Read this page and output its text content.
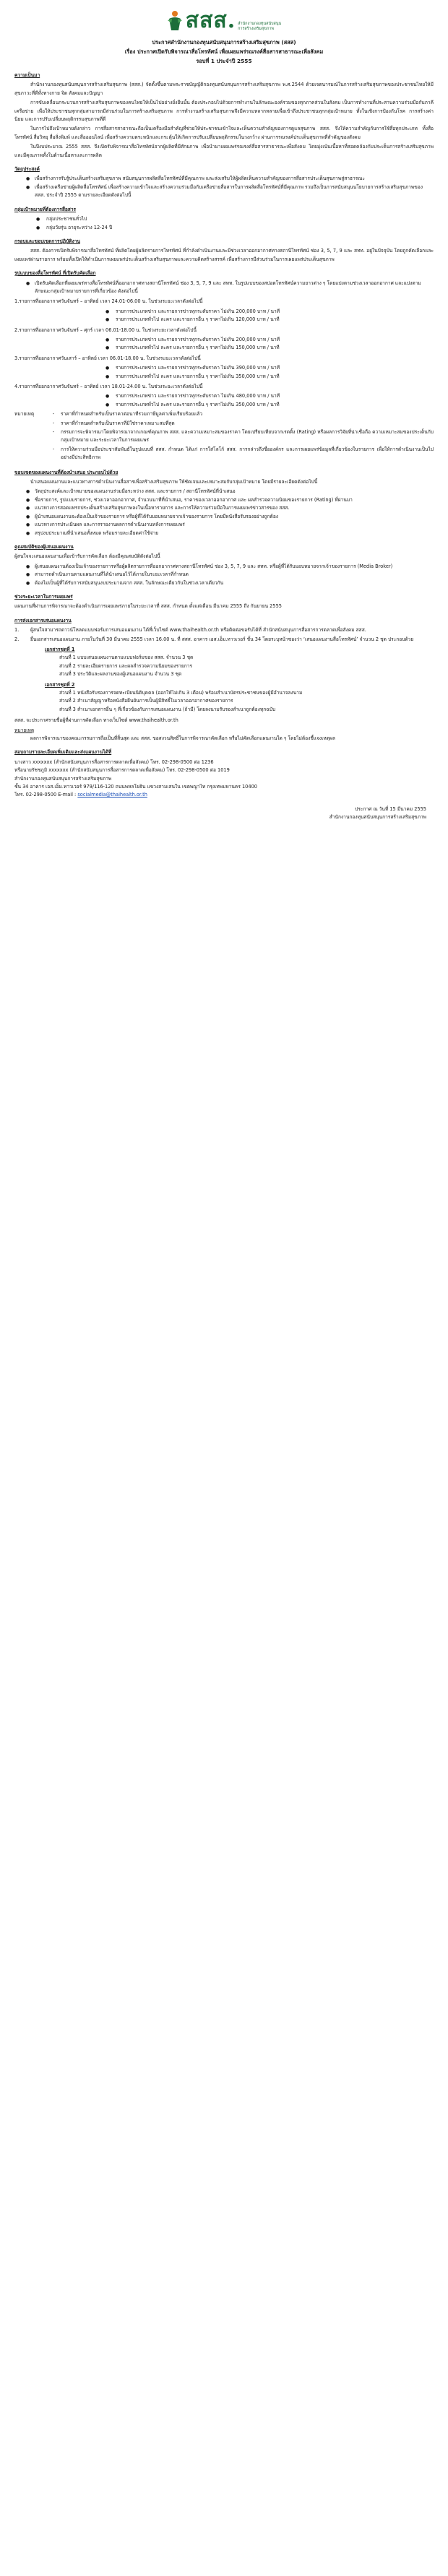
สสส. สำนักงานกองทุนสนับสนุน
การสร้างเสริมสุขภาพ
ประกาศสำนักงานกองทุนสนับสนุนการสร้างเสริมสุขภาพ (สสส)
เรื่อง ประกาศเปิดรับพิจารณาสื่อโทรทัศน์ เพื่อเผยแพร่รณรงค์สื่อสารสาธารณะเพื่อสังคม
รอบที่ 1 ประจำปี 2555
ความเป็นมา

สำนักงานกองทุนสนับสนุนการสร้างเสริมสุขภาพ (สสส.) จัดตั้งขึ้นตามพระราชบัญญัติกองทุนสนับสนุนการสร้างเสริมสุขภาพ พ.ศ.2544 ด้วยเจตนารมณ์ในการสร้างเสริมสุขภาพของประชาชนไทยให้มีสุขภาวะที่ดีทั้งทางกาย จิต สังคมและปัญญา

การขับเคลื่อนกระบวนการสร้างเสริมสุขภาพของคนไทยให้เป็นไปอย่างยั่งยืนนั้น ต้องประกอบไปด้วยการทำงานในลักษณะองค์รวมของทุกภาคส่วนในสังคม เป็นการทำงานที่ประสานความร่วมมือกับภาคีเครือข่าย เพื่อให้ประชาชนทุกกลุ่มสามารถมีส่วนร่วมในการสร้างเสริมสุขภาพ การทำงานสร้างเสริมสุขภาพจึงมีความหลากหลายเพื่อเข้าถึงประชาชนทุกกลุ่มเป้าหมาย ทั้งในเชิงการป้องกันโรค การสร้างค่านิยม และการปรับเปลี่ยนพฤติกรรมสุขภาพที่ดี

ในการไปถึงเป้าหมายดังกล่าว การสื่อสารสาธารณะถือเป็นเครื่องมือสำคัญที่ช่วยให้ประชาชนเข้าใจและเห็นความสำคัญของการดูแลสุขภาพ สสส. จึงให้ความสำคัญกับการใช้สื่อทุกประเภท ทั้งสื่อโทรทัศน์ สื่อวิทยุ สื่อสิ่งพิมพ์ และสื่อออนไลน์ เพื่อสร้างความตระหนักและกระตุ้นให้เกิดการปรับเปลี่ยนพฤติกรรมในวงกว้าง ผ่านการรณรงค์ประเด็นสุขภาพที่สำคัญของสังคม

ในปีงบประมาณ 2555 สสส. จึงเปิดรับพิจารณาสื่อโทรทัศน์จากผู้ผลิตที่มีศักยภาพ เพื่อนำมาเผยแพร่รณรงค์สื่อสารสาธารณะเพื่อสังคม โดยมุ่งเน้นเนื้อหาที่สอดคล้องกับประเด็นการสร้างเสริมสุขภาพ และมีคุณภาพทั้งในด้านเนื้อหาและการผลิต

วัตถุประสงค์
● เพื่อสร้างการรับรู้ประเด็นสร้างเสริมสุขภาพ สนับสนุนการผลิตสื่อโทรทัศน์ที่มีคุณภาพ และส่งเสริมให้ผู้ผลิตเห็นความสำคัญของการสื่อสารประเด็นสุขภาพสู่สาธารณะ
● เพื่อสร้างเครือข่ายผู้ผลิตสื่อโทรทัศน์ เพื่อสร้างความเข้าใจและสร้างความร่วมมือกับเครือข่ายสื่อสารในการผลิตสื่อโทรทัศน์ที่มีคุณภาพ รวมถึงเป็นการสนับสนุนนโยบายการสร้างเสริมสุขภาพของ สสส. ประจำปี 2555 ตามรายละเอียดดังต่อไปนี้
กลุ่มเป้าหมายที่ต้องการสื่อสาร
● กลุ่มประชาชนทั่วไป
● กลุ่มวัยรุ่น อายุระหว่าง 12-24 ปี
กรอบและขอบเขตการปฏิบัติงาน

สสส. ต้องการเปิดรับพิจารณาสื่อโทรทัศน์ ที่ผลิตโดยผู้ผลิตรายการโทรทัศน์ ที่กำลังดำเนินงานและมีช่วงเวลาออกอากาศทางสถานีโทรทัศน์ ช่อง 3, 5, 7, 9 และ สทท. อยู่ในปัจจุบัน โดยถูกคัดเลือกและเผยแพร่ผ่านรายการ พร้อมทั้งเปิดให้ดำเนินการเผยแพร่ประเด็นสร้างเสริมสุขภาพและความคิดสร้างสรรค์ เพื่อสร้างการมีส่วนร่วมในการเผยแพร่ประเด็นสุขภาพ

รูปแบบของสื่อโทรทัศน์ ที่เปิดรับคัดเลือก
● เปิดรับคัดเลือกที่เผยแพร่ทางสื่อโทรทัศน์ที่ออกอากาศทางสถานีโทรทัศน์ ช่อง 3, 5, 7, 9 และ สทท. ในรูปแบบของสปอตโทรทัศน์ความยาวต่าง ๆ โดยแบ่งตามช่วงเวลาออกอากาศ และแบ่งตามลักษณะกลุ่มเป้าหมายรายการที่เกี่ยวข้อง ดังต่อไปนี้
1.รายการที่ออกอากาศวันจันทร์ – อาทิตย์ เวลา 24.01-06.00 น. ในช่วงระยะเวลาดังต่อไปนี้
● รายการประเภทข่าว และรายการข่าวทุกระดับราคา ไม่เกิน 200,000 บาท / นาที
● รายการประเภททั่วไป ละคร และรายการอื่น ๆ ราคาไม่เกิน 120,000 บาท / นาที
2.รายการที่ออกอากาศวันจันทร์ – ศุกร์ เวลา 06.01-18.00 น. ในช่วงระยะเวลาดังต่อไปนี้
● รายการประเภทข่าว และรายการข่าวทุกระดับราคา ไม่เกิน 200,000 บาท / นาที
● รายการประเภททั่วไป ละคร และรายการอื่น ๆ ราคาไม่เกิน 150,000 บาท / นาที
3.รายการที่ออกอากาศวันเสาร์ – อาทิตย์ เวลา 06.01-18.00 น. ในช่วงระยะเวลาดังต่อไปนี้
● รายการประเภทข่าว และรายการข่าวทุกระดับราคา ไม่เกิน 390,000 บาท / นาที
● รายการประเภททั่วไป ละคร และรายการอื่น ๆ ราคาไม่เกิน 350,000 บาท / นาที
4.รายการที่ออกอากาศวันจันทร์ – อาทิตย์ เวลา 18.01-24.00 น. ในช่วงระยะเวลาดังต่อไปนี้
● รายการประเภทข่าว และรายการข่าวทุกระดับราคา ไม่เกิน 480,000 บาท / นาที
● รายการประเภททั่วไป ละคร และรายการอื่น ๆ ราคาไม่เกิน 350,000 บาท / นาที
หมายเหตุ	-	ราคาที่กำหนดสำหรับเป็นราคาต่อนาทีรวมภาษีมูลค่าเพิ่มเรียบร้อยแล้ว
-	ราคาที่กำหนดสำหรับเป็นราคาที่มิใช่ราคาเหมาะสมที่สุด
-	กรรมการจะพิจารณาโดยพิจารณาจากเกณฑ์คุณภาพ สสส. และความเหมาะสมของราคา โดยเปรียบเทียบจากเรตติ้ง (Rating) หรือผลการวิจัยที่น่าเชื่อถือ ความเหมาะสมของประเด็นกับกลุ่มเป้าหมาย และระยะเวลาในการเผยแพร่
-	การให้ความร่วมมือประชาสัมพันธ์ในรูปแบบที่ สสส. กำหนด ได้แก่ การใส่โลโก้ สสส. การกล่าวถึงชื่อองค์กร และการเผยแพร่ข้อมูลที่เกี่ยวข้องในรายการ เพื่อให้การดำเนินงานเป็นไปอย่างมีประสิทธิภาพ
ขอบเขตของแผนงานที่ต้องนำเสนอ ประกอบไปด้วย

นำเสนอแผนงานและแนวทางการดำเนินงานสื่อสารเพื่อสร้างเสริมสุขภาพ ให้ชัดเจนและเหมาะสมกับกลุ่มเป้าหมาย โดยมีรายละเอียดดังต่อไปนี้

● วัตถุประสงค์และเป้าหมายของแผนงานร่วมมือระหว่าง สสส. และรายการ / สถานีโทรทัศน์ที่นำเสนอ
● ชื่อรายการ, รูปแบบรายการ, ช่วงเวลาออกอากาศ, จำนวนนาทีที่นำเสนอ, ราคาของเวลาออกอากาศ และ ผลสำรวจความนิยมของรายการ (Rating) ที่ผ่านมา
● แนวทางการสอดแทรกประเด็นสร้างเสริมสุขภาพลงในเนื้อหารายการ และการให้ความร่วมมือในการเผยแพร่ข่าวสารของ สสส.
● ผู้นำเสนอแผนงานจะต้องเป็นเจ้าของรายการ หรือผู้ที่ได้รับมอบหมายจากเจ้าของรายการ โดยมีหนังสือรับรองอย่างถูกต้อง
● แนวทางการประเมินผล และการรายงานผลการดำเนินงานหลังการเผยแพร่
● สรุปงบประมาณที่นำเสนอทั้งหมด พร้อมรายละเอียดค่าใช้จ่าย
คุณสมบัติของผู้เสนอแผนงาน

ผู้สนใจจะเสนอแผนงานเพื่อเข้ารับการคัดเลือก ต้องมีคุณสมบัติดังต่อไปนี้

● ผู้เสนอแผนงานต้องเป็นเจ้าของรายการหรือผู้ผลิตรายการที่ออกอากาศทางสถานีโทรทัศน์ ช่อง 3, 5, 7, 9 และ สทท. หรือผู้ที่ได้รับมอบหมายจากเจ้าของรายการ (Media Broker)
● สามารถดำเนินงานตามแผนงานที่ได้นำเสนอไว้ได้ภายในระยะเวลาที่กำหนด
● ต้องไม่เป็นผู้ที่ได้รับการสนับสนุนงบประมาณจาก สสส. ในลักษณะเดียวกันในช่วงเวลาเดียวกัน
ช่วงระยะเวลาในการเผยแพร่

แผนงานที่ผ่านการพิจารณาจะต้องดำเนินการเผยแพร่ภายในระยะเวลาที่ สสส. กำหนด ตั้งแต่เดือน มีนาคม 2555 ถึง กันยายน 2555

การส่งเอกสารเสนอแผนงาน
1.	ผู้สนใจสามารถดาวน์โหลดแบบฟอร์มการเสนอแผนงาน ได้ที่เว็บไซต์ www.thaihealth.or.th หรือติดต่อขอรับได้ที่ สำนักสนับสนุนการสื่อสารการตลาดเพื่อสังคม สสส.
2.	ยื่นเอกสารเสนอแผนงาน ภายในวันที่ 30 มีนาคม 2555 เวลา 16.00 น. ที่ สสส. อาคาร เอส.เอ็ม.ทาวเวอร์ ชั้น 34 โดยระบุหน้าซองว่า ‘เสนอแผนงานสื่อโทรทัศน์’ จำนวน 2 ชุด ประกอบด้วย
เอกสารชุดที่ 1
ส่วนที่ 1 แบบเสนอแผนงานตามแบบฟอร์มของ สสส. จำนวน 3 ชุด
ส่วนที่ 2 รายละเอียดรายการ และผลสำรวจความนิยมของรายการ
ส่วนที่ 3 ประวัติและผลงานของผู้เสนอแผนงาน จำนวน 3 ชุด
เอกสารชุดที่ 2
ส่วนที่ 1 หนังสือรับรองการจดทะเบียนนิติบุคคล (ออกให้ไม่เกิน 3 เดือน) พร้อมสำเนาบัตรประชาชนของผู้มีอำนาจลงนาม
ส่วนที่ 2 สำเนาสัญญาหรือหนังสือยืนยันการเป็นผู้มีสิทธิ์ในเวลาออกอากาศของรายการ
ส่วนที่ 3 สำเนาเอกสารอื่น ๆ ที่เกี่ยวข้องกับการเสนอแผนงาน (ถ้ามี) โดยลงนามรับรองสำเนาถูกต้องทุกฉบับ

สสส. จะประกาศรายชื่อผู้ที่ผ่านการคัดเลือก ทางเว็บไซต์ www.thaihealth.or.th

หมายเหตุ

ผลการพิจารณาของคณะกรรมการถือเป็นที่สิ้นสุด และ สสส. ขอสงวนสิทธิ์ในการพิจารณาคัดเลือก หรือไม่คัดเลือกแผนงานใด ๆ โดยไม่ต้องชี้แจงเหตุผล

สอบถามรายละเอียดเพิ่มเติมและส่งแผนงานได้ที่
นางสาว xxxxxxx (สำนักสนับสนุนการสื่อสารการตลาดเพื่อสังคม) โทร. 02-298-0500 ต่อ 1236
หรือนายรัชชภูมิ xxxxxxx (สำนักสนับสนุนการสื่อสารการตลาดเพื่อสังคม) โทร. 02-298-0500 ต่อ 1019
สำนักงานกองทุนสนับสนุนการสร้างเสริมสุขภาพ
ชั้น 34 อาคาร เอส.เอ็ม.ทาวเวอร์ 979/116-120 ถนนพหลโยธิน แขวงสามเสนใน เขตพญาไท กรุงเทพมหานคร 10400
โทร. 02-298-0500 E-mail : socialmedia@thaihealth.or.th
ประกาศ ณ วันที่ 15 มีนาคม 2555
สำนักงานกองทุนสนับสนุนการสร้างเสริมสุขภาพ
